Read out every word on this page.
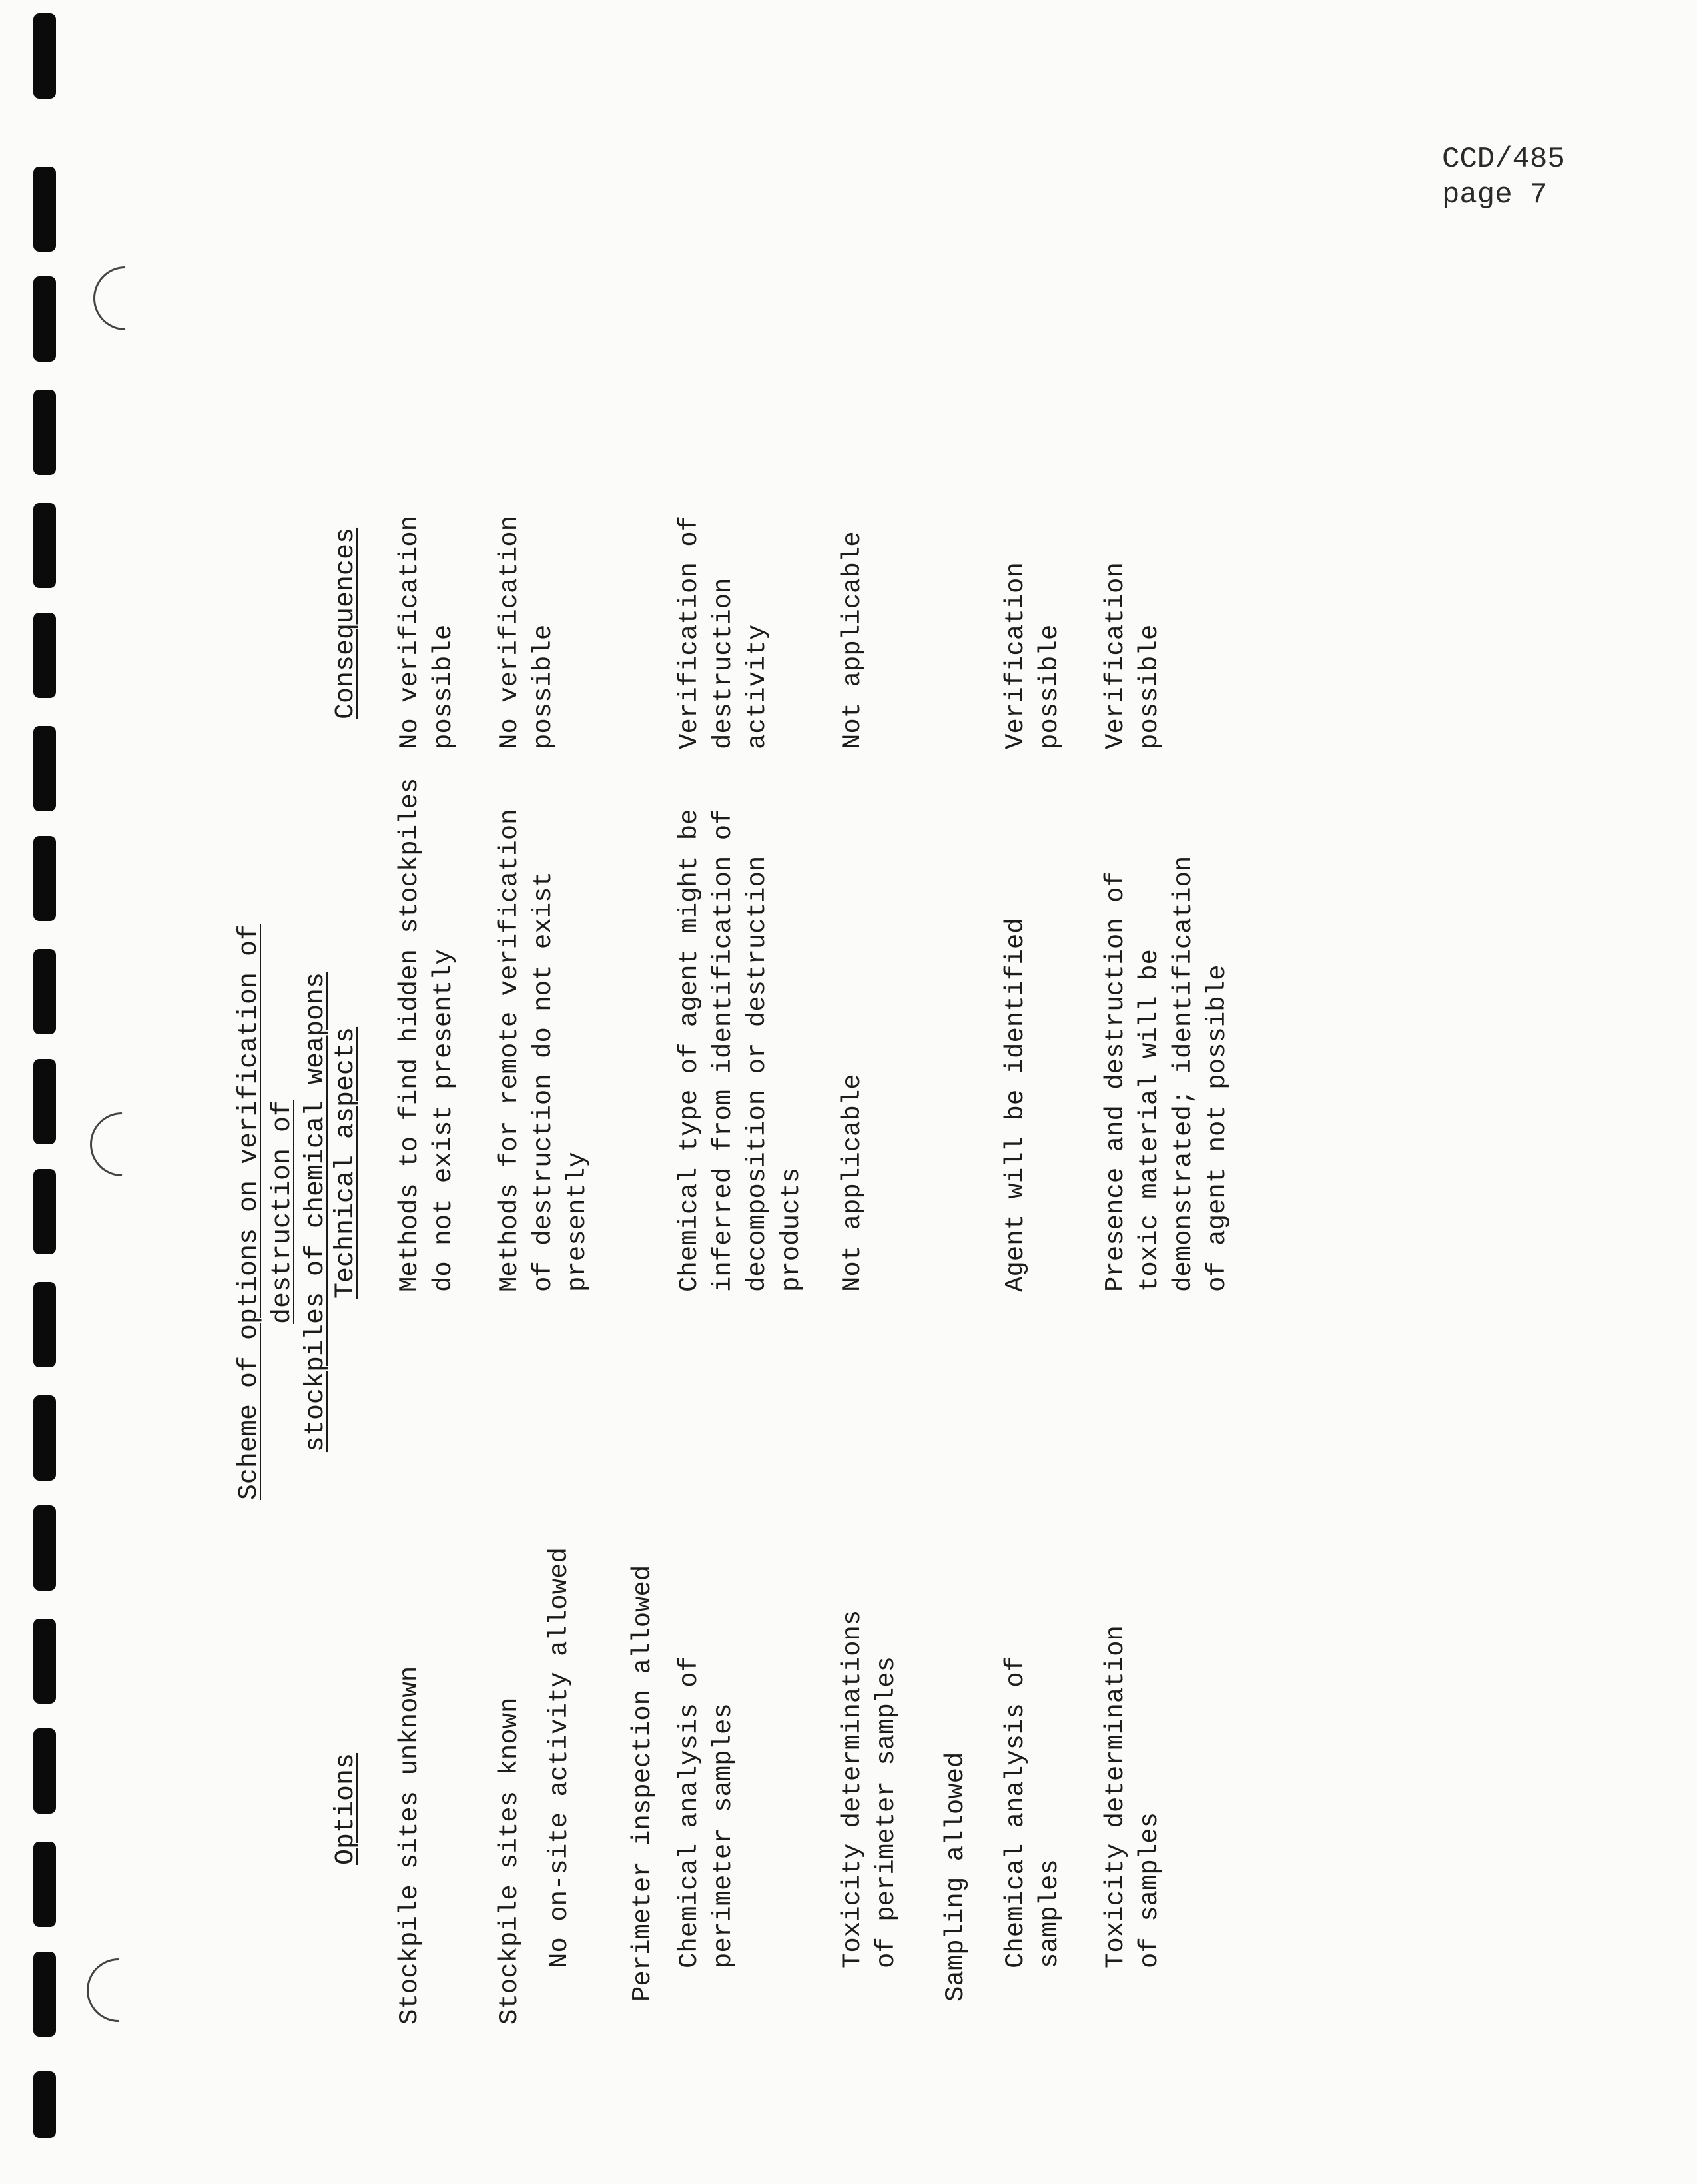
CCD/485
page 7
Scheme of options on verification of destruction of stockpiles of chemical weapons
Options
Technical aspects
Consequences
Stockpile sites unknown
Methods to find hidden stockpiles
do not exist presently
No verification
possible
Stockpile sites known
Methods for remote verification
of destruction do not exist
presently
No verification
possible
No on-site activity allowed Perimeter inspection allowed Chemical analysis of
perimeter samples
Chemical type of agent might be
inferred from identification of
decomposition or destruction
products
Verification of
destruction
activity
Toxicity determinations
of perimeter samples
Not applicable
Not applicable
Sampling allowed Chemical analysis of
samples
Agent will be identified
Verification
possible
Toxicity determination
of samples
Presence and destruction of
toxic material will be
demonstrated; identification
of agent not possible
Verification
possible
